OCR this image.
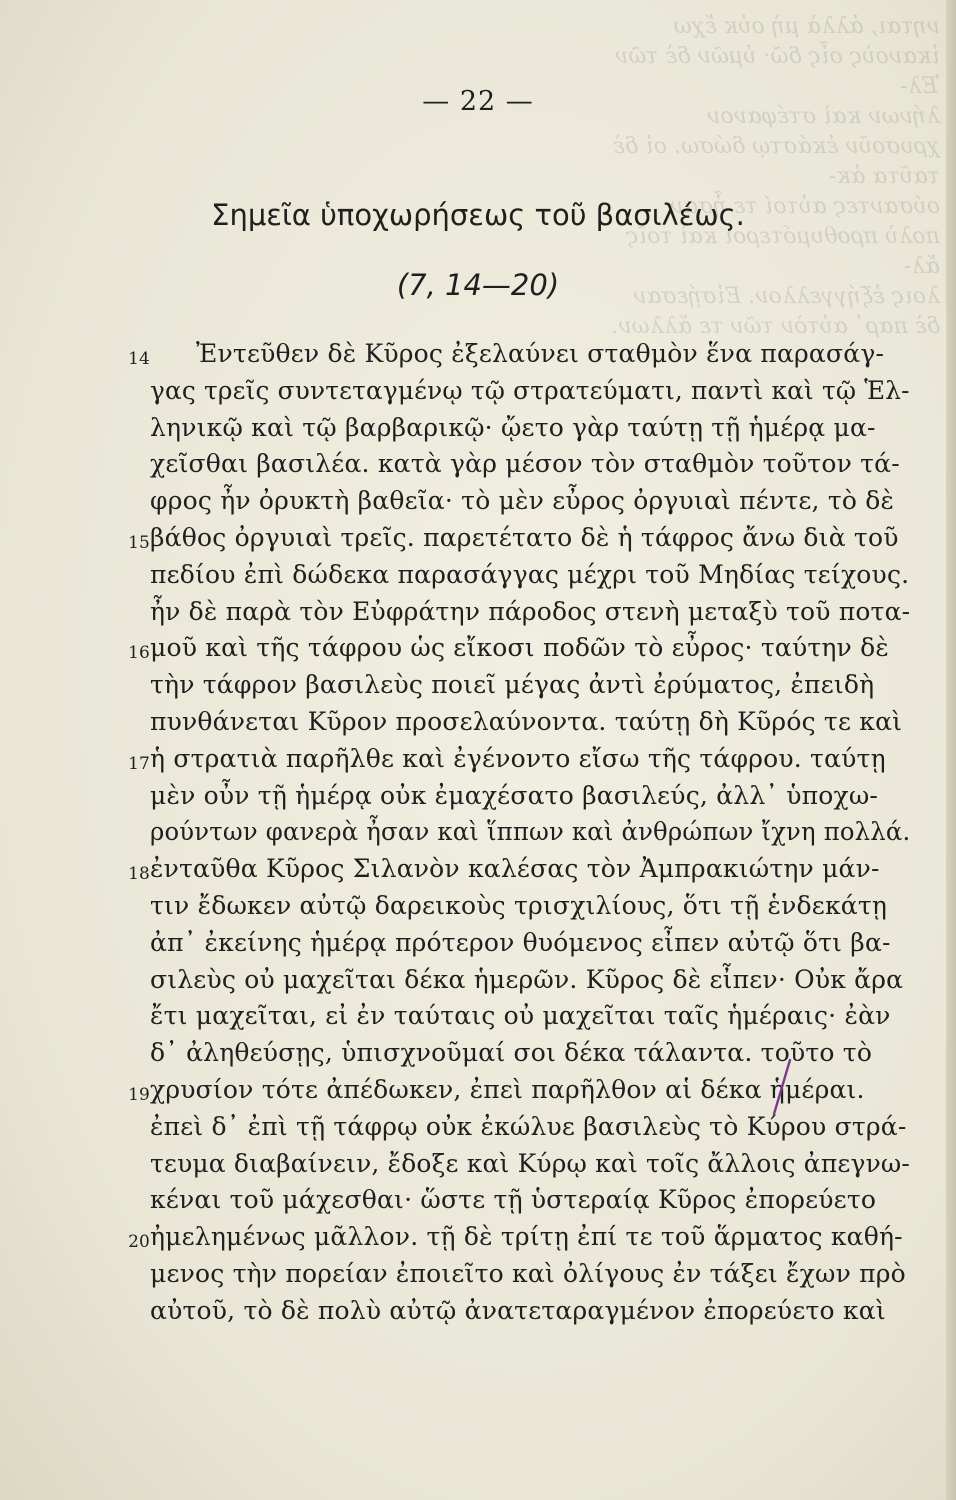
νηται, ἀλλὰ μὴ οὐκ ἔχω ἱκανοὺς οἷς δῶ· ὑμῶν δὲ τῶν Ἑλ-
λήνων καὶ στέφανον χρυσοῦν ἑκάστῳ δώσω. οἱ δὲ ταῦτα ἀκ-
ούσαντες αὐτοί τε ἦσαν πολὺ προθυμότεροι καὶ τοῖς ἄλ-
λοις ἐξήγγελλον. Εἰσῄεσαν δὲ παρ᾽ αὐτὸν τῶν τε ἄλλων.
— 22 —
Σημεῖα ὑποχωρήσεως τοῦ βασιλέως.
(7, 14—20)
Ἐντεῦθεν δὲ Κῦρος ἐξελαύνει σταθμὸν ἕνα παρασάγ-
14
γας τρεῖς συντεταγμένῳ τῷ στρατεύματι, παντὶ καὶ τῷ Ἑλ-
ληνικῷ καὶ τῷ βαρβαρικῷ· ᾤετο γὰρ ταύτῃ τῇ ἡμέρᾳ μα-
χεῖσθαι βασιλέα. κατὰ γὰρ μέσον τὸν σταθμὸν τοῦτον τά-
φρος ἦν ὀρυκτὴ βαθεῖα· τὸ μὲν εὖρος ὀργυιαὶ πέντε, τὸ δὲ
βάθος ὀργυιαὶ τρεῖς. παρετέτατο δὲ ἡ τάφρος ἄνω διὰ τοῦ
15
πεδίου ἐπὶ δώδεκα παρασάγγας μέχρι τοῦ Μηδίας τείχους.
ἦν δὲ παρὰ τὸν Εὐφράτην πάροδος στενὴ μεταξὺ τοῦ ποτα-
μοῦ καὶ τῆς τάφρου ὡς εἴκοσι ποδῶν τὸ εὖρος· ταύτην δὲ
16
τὴν τάφρον βασιλεὺς ποιεῖ μέγας ἀντὶ ἐρύματος, ἐπειδὴ
πυνθάνεται Κῦρον προσελαύνοντα. ταύτῃ δὴ Κῦρός τε καὶ
ἡ στρατιὰ παρῆλθε καὶ ἐγένοντο εἴσω τῆς τάφρου. ταύτῃ
17
μὲν οὖν τῇ ἡμέρᾳ οὐκ ἐμαχέσατο βασιλεύς, ἀλλ᾽ ὑποχω-
ρούντων φανερὰ ἦσαν καὶ ἵππων καὶ ἀνθρώπων ἴχνη πολλά.
ἐνταῦθα Κῦρος Σιλανὸν καλέσας τὸν Ἀμπρακιώτην μάν-
18
τιν ἔδωκεν αὐτῷ δαρεικοὺς τρισχιλίους, ὅτι τῇ ἑνδεκάτῃ
ἀπ᾽ ἐκείνης ἡμέρᾳ πρότερον θυόμενος εἶπεν αὐτῷ ὅτι βα-
σιλεὺς οὐ μαχεῖται δέκα ἡμερῶν. Κῦρος δὲ εἶπεν· Οὐκ ἄρα
ἔτι μαχεῖται, εἰ ἐν ταύταις οὐ μαχεῖται ταῖς ἡμέραις· ἐὰν
δ᾽ ἀληθεύσῃς, ὑπισχνοῦμαί σοι δέκα τάλαντα. τοῦτο τὸ
χρυσίον τότε ἀπέδωκεν, ἐπεὶ παρῆλθον αἱ δέκα ἡμέραι.
19
ἐπεὶ δ᾽ ἐπὶ τῇ τάφρῳ οὐκ ἐκώλυε βασιλεὺς τὸ Κύρου στρά-
τευμα διαβαίνειν, ἔδοξε καὶ Κύρῳ καὶ τοῖς ἄλλοις ἀπεγνω-
κέναι τοῦ μάχεσθαι· ὥστε τῇ ὑστεραίᾳ Κῦρος ἐπορεύετο
ἠμελημένως μᾶλλον. τῇ δὲ τρίτῃ ἐπί τε τοῦ ἅρματος καθή-
20
μενος τὴν πορείαν ἐποιεῖτο καὶ ὀλίγους ἐν τάξει ἔχων πρὸ
αὐτοῦ, τὸ δὲ πολὺ αὐτῷ ἀνατεταραγμένον ἐπορεύετο καὶ
